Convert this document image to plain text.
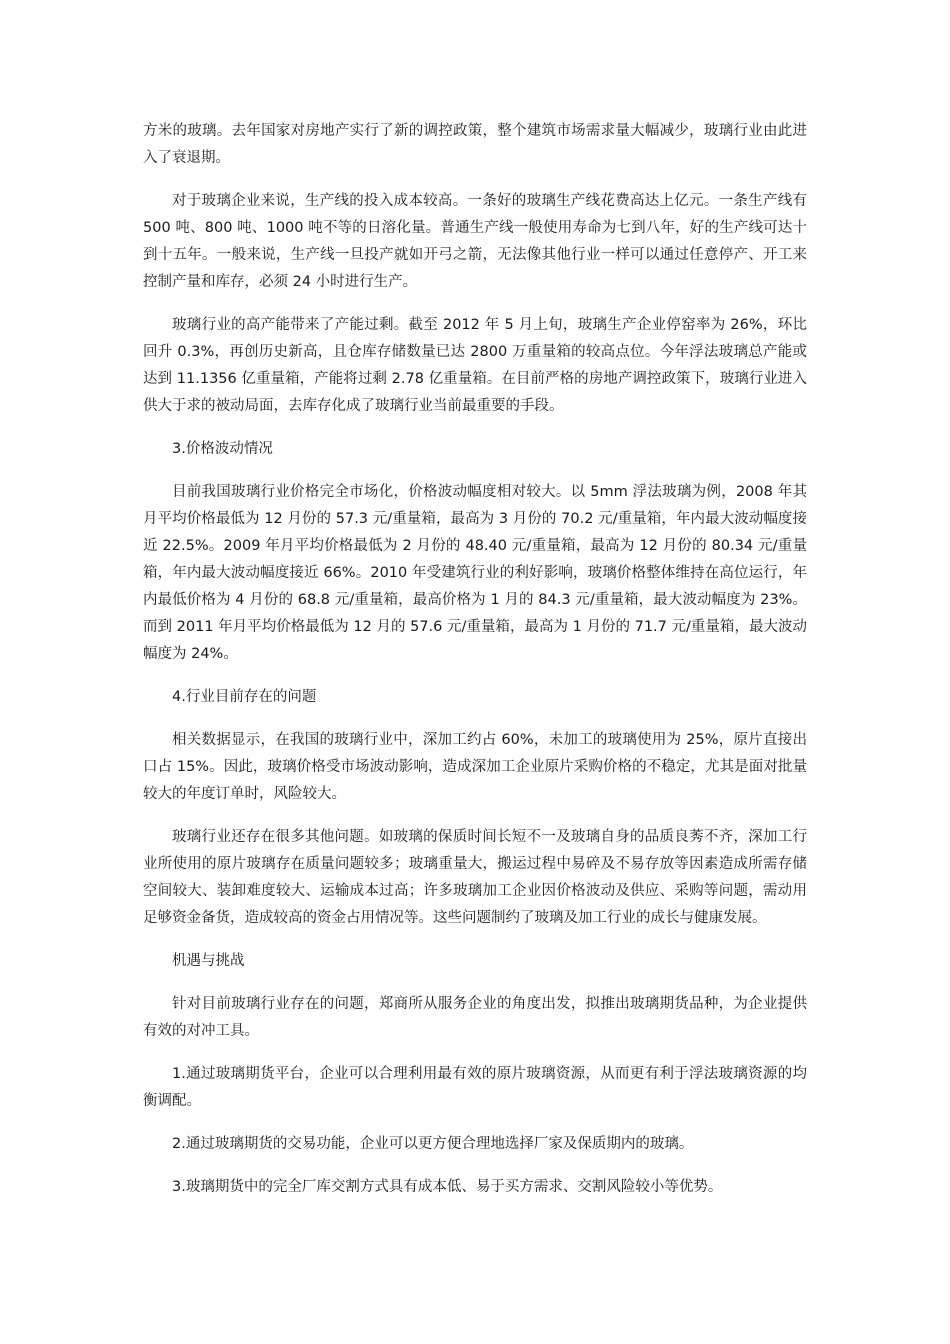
方米的玻璃。去年国家对房地产实行了新的调控政策，整个建筑市场需求量大幅减少，玻璃行业由此进入了衰退期。

对于玻璃企业来说，生产线的投入成本较高。一条好的玻璃生产线花费高达上亿元。一条生产线有 500 吨、800 吨、1000 吨不等的日溶化量。普通生产线一般使用寿命为七到八年，好的生产线可达十到十五年。一般来说，生产线一旦投产就如开弓之箭，无法像其他行业一样可以通过任意停产、开工来控制产量和库存，必须 24 小时进行生产。

玻璃行业的高产能带来了产能过剩。截至 2012 年 5 月上旬，玻璃生产企业停窑率为 26%，环比回升 0.3%，再创历史新高，且仓库存储数量已达 2800 万重量箱的较高点位。今年浮法玻璃总产能或达到 11.1356 亿重量箱，产能将过剩 2.78 亿重量箱。在目前严格的房地产调控政策下，玻璃行业进入供大于求的被动局面，去库存化成了玻璃行业当前最重要的手段。

3.价格波动情况

目前我国玻璃行业价格完全市场化，价格波动幅度相对较大。以 5mm 浮法玻璃为例，2008 年其月平均价格最低为 12 月份的 57.3 元/重量箱，最高为 3 月份的 70.2 元/重量箱，年内最大波动幅度接近 22.5%。2009 年月平均价格最低为 2 月份的 48.40 元/重量箱，最高为 12 月份的 80.34 元/重量箱，年内最大波动幅度接近 66%。2010 年受建筑行业的利好影响，玻璃价格整体维持在高位运行，年内最低价格为 4 月份的 68.8 元/重量箱，最高价格为 1 月的 84.3 元/重量箱，最大波动幅度为 23%。而到 2011 年月平均价格最低为 12 月的 57.6 元/重量箱，最高为 1 月份的 71.7 元/重量箱，最大波动幅度为 24%。

4.行业目前存在的问题

相关数据显示，在我国的玻璃行业中，深加工约占 60%，未加工的玻璃使用为 25%，原片直接出口占 15%。因此，玻璃价格受市场波动影响，造成深加工企业原片采购价格的不稳定，尤其是面对批量较大的年度订单时，风险较大。

玻璃行业还存在很多其他问题。如玻璃的保质时间长短不一及玻璃自身的品质良莠不齐，深加工行业所使用的原片玻璃存在质量问题较多；玻璃重量大，搬运过程中易碎及不易存放等因素造成所需存储空间较大、装卸难度较大、运输成本过高；许多玻璃加工企业因价格波动及供应、采购等问题，需动用足够资金备货，造成较高的资金占用情况等。这些问题制约了玻璃及加工行业的成长与健康发展。

机遇与挑战

针对目前玻璃行业存在的问题，郑商所从服务企业的角度出发，拟推出玻璃期货品种，为企业提供有效的对冲工具。

1.通过玻璃期货平台，企业可以合理利用最有效的原片玻璃资源，从而更有利于浮法玻璃资源的均衡调配。

2.通过玻璃期货的交易功能，企业可以更方便合理地选择厂家及保质期内的玻璃。

3.玻璃期货中的完全厂库交割方式具有成本低、易于买方需求、交割风险较小等优势。
